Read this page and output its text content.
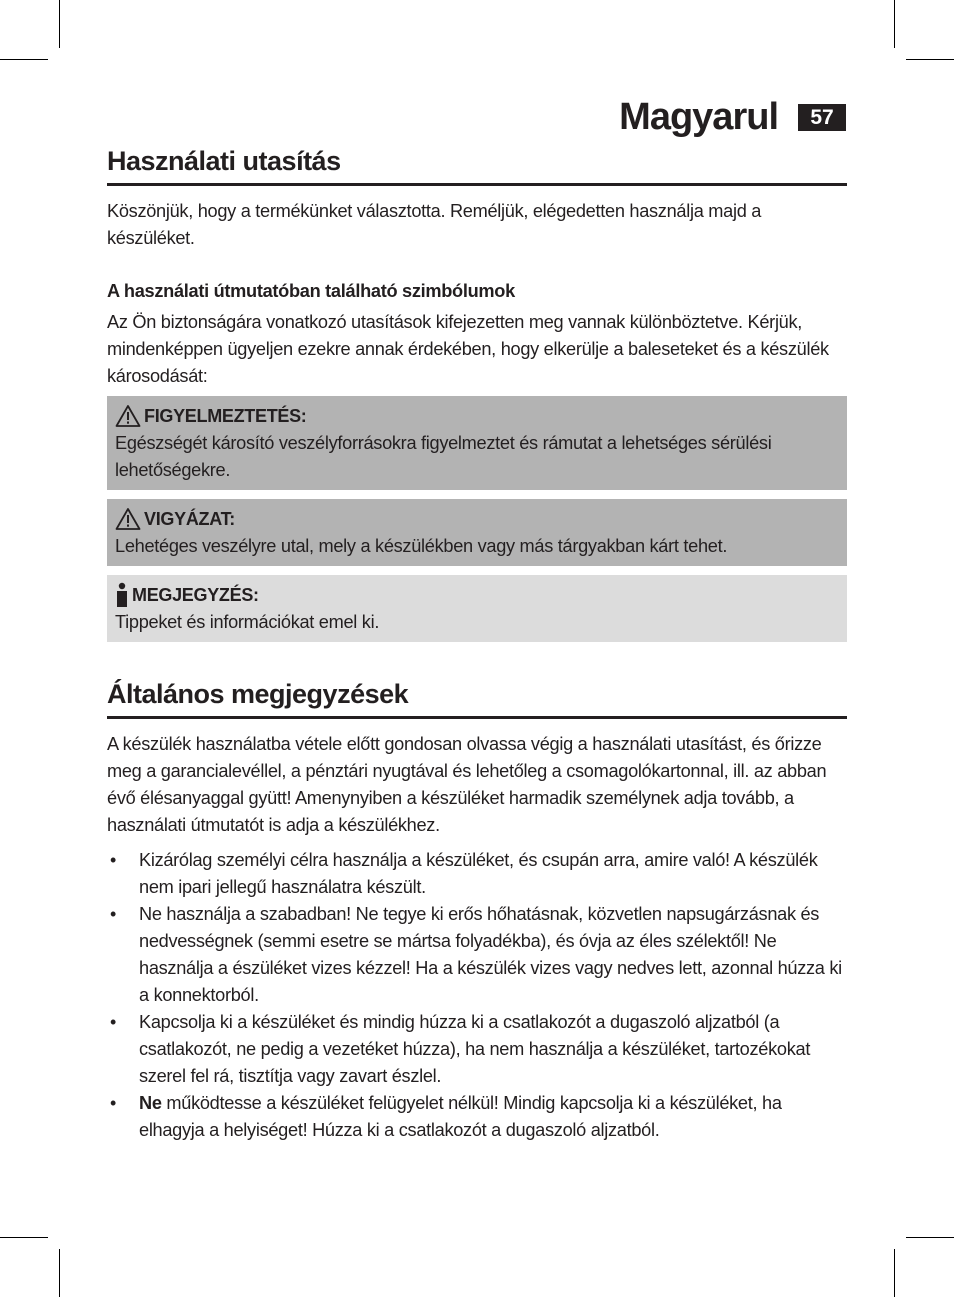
Magyarul	57
Használati utasítás

Köszönjük, hogy a termékünket választotta. Reméljük, elégedetten használja majd a készüléket.

A használati útmutatóban található szimbólumok

Az Ön biztonságára vonatkozó utasítások kifejezetten meg vannak különböztetve. Kérjük, mindenképpen ügyeljen ezekre annak érdekében, hogy elkerülje a baleseteket és a készülék károsodását:

FIGYELMEZTETÉS:
Egészségét károsító veszélyforrásokra figyelmeztet és rámutat a lehetséges sérülési lehetőségekre.
VIGYÁZAT:
Lehetéges veszélyre utal, mely a készülékben vagy más tárgyakban kárt tehet.
MEGJEGYZÉS:
Tippeket és információkat emel ki.
Általános megjegyzések

A készülék használatba vétele előtt gondosan olvassa végig a használati utasítást, és őrizze meg a garancialevéllel, a pénztári nyugtával és lehetőleg a csomagolókartonnal, ill. az abban évő élésanyaggal gyütt! Amenynyiben a készüléket harmadik személynek adja tovább, a használati útmutatót is adja a készülékhez.

• Kizárólag személyi célra használja a készüléket, és csupán arra, amire való! A készülék nem ipari jellegű használatra készült.
• Ne használja a szabadban! Ne tegye ki erős hőhatásnak, közvetlen napsugárzásnak és nedvességnek (semmi esetre se mártsa folyadékba), és óvja az éles szélektől! Ne használja a észüléket vizes kézzel! Ha a készülék vizes vagy nedves lett, azonnal húzza ki a konnektorból.
• Kapcsolja ki a készüléket és mindig húzza ki a csatlakozót a dugaszoló aljzatból (a csatlakozót, ne pedig a vezetéket húzza), ha nem használja a készüléket, tartozékokat szerel fel rá, tisztítja vagy zavart észlel.
• Ne működtesse a készüléket felügyelet nélkül! Mindig kapcsolja ki a készüléket, ha elhagyja a helyiséget! Húzza ki a csatlakozót a dugaszoló aljzatból.
